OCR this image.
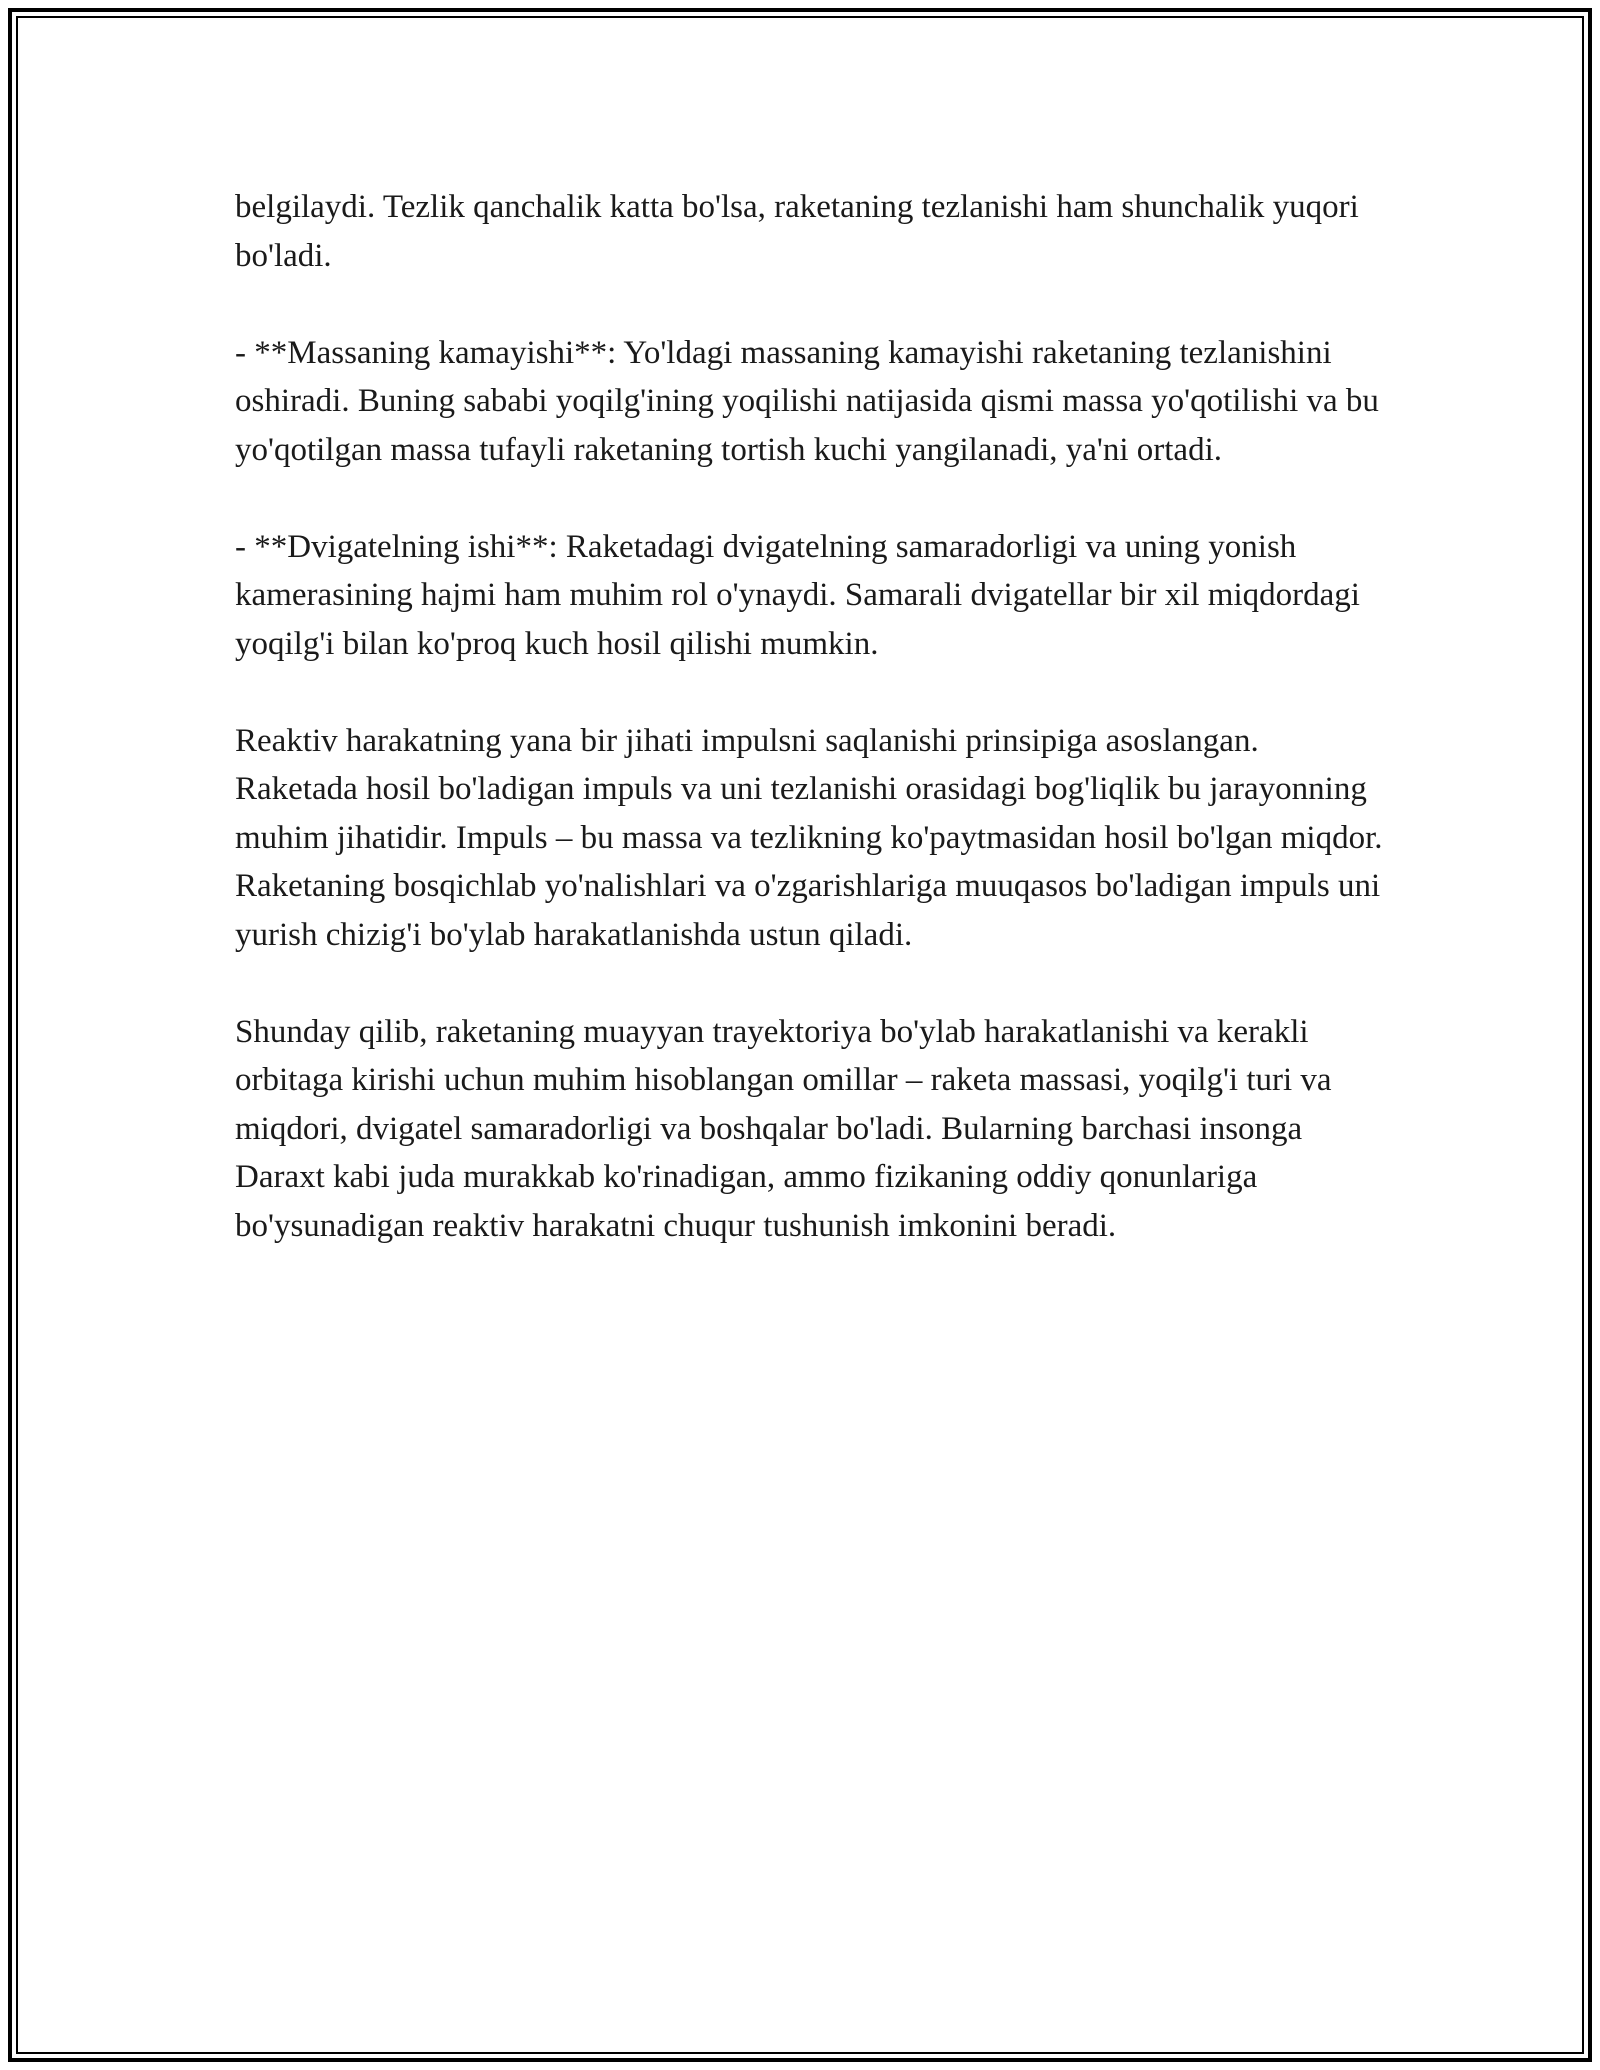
belgilaydi. Tezlik qanchalik katta bo'lsa, raketaning tezlanishi ham shunchalik yuqori bo'ladi.

- **Massaning kamayishi**: Yo'ldagi massaning kamayishi raketaning tezlanishini oshiradi. Buning sababi yoqilg'ining yoqilishi natijasida qismi massa yo'qotilishi va bu yo'qotilgan massa tufayli raketaning tortish kuchi yangilanadi, ya'ni ortadi.

- **Dvigatelning ishi**: Raketadagi dvigatelning samaradorligi va uning yonish kamerasining hajmi ham muhim rol o'ynaydi. Samarali dvigatellar bir xil miqdordagi yoqilg'i bilan ko'proq kuch hosil qilishi mumkin.

Reaktiv harakatning yana bir jihati impulsni saqlanishi prinsipiga asoslangan. Raketada hosil bo'ladigan impuls va uni tezlanishi orasidagi bog'liqlik bu jarayonning muhim jihatidir. Impuls – bu massa va tezlikning ko'paytmasidan hosil bo'lgan miqdor. Raketaning bosqichlab yo'nalishlari va o'zgarishlariga muuqasos bo'ladigan impuls uni yurish chizig'i bo'ylab harakatlanishda ustun qiladi.

Shunday qilib, raketaning muayyan trayektoriya bo'ylab harakatlanishi va kerakli orbitaga kirishi uchun muhim hisoblangan omillar – raketa massasi, yoqilg'i turi va miqdori, dvigatel samaradorligi va boshqalar bo'ladi. Bularning barchasi insonga Daraxt kabi juda murakkab ko'rinadigan, ammo fizikaning oddiy qonunlariga bo'ysunadigan reaktiv harakatni chuqur tushunish imkonini beradi.
